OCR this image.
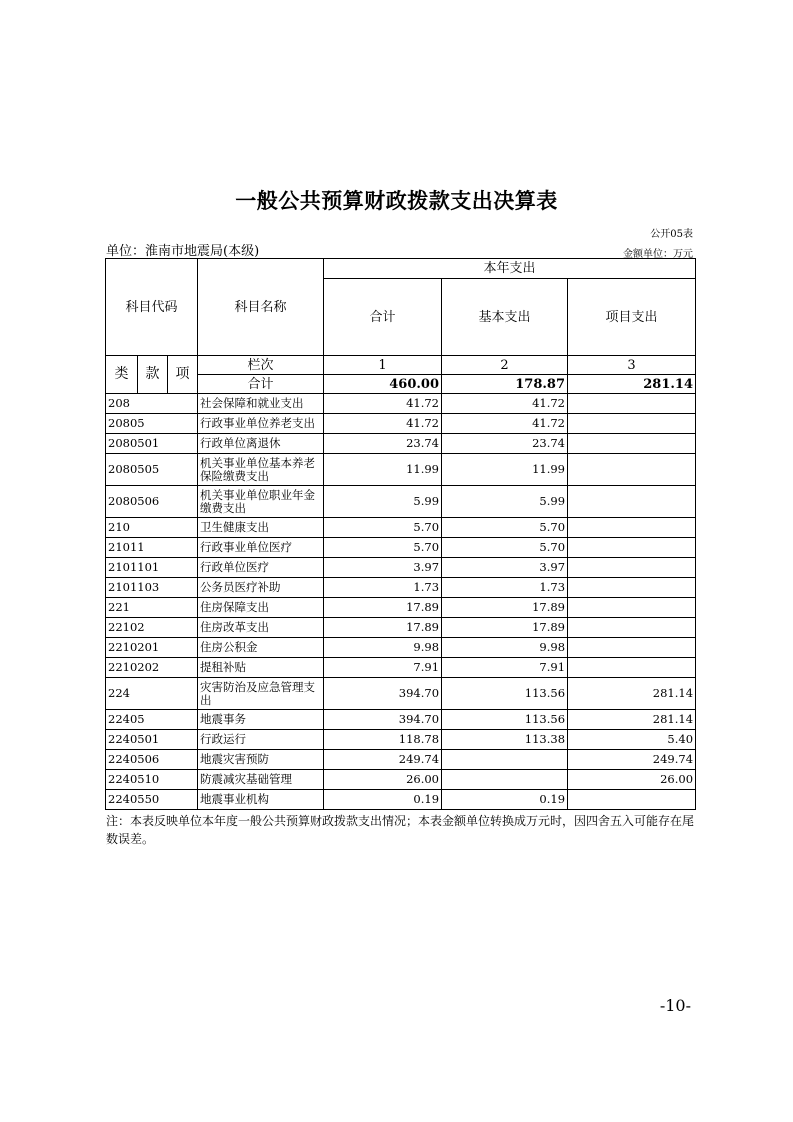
一般公共预算财政拨款支出决算表
公开05表
单位：淮南市地震局(本级)	金额单位：万元
科目代码			科目名称	本年支出		
				合计	基本支出	项目支出
类	款	项	栏次	1	2	3
			合计	460.00	178.87	281.14
208			社会保障和就业支出	41.72	41.72	
20805			行政事业单位养老支出	41.72	41.72	
2080501			行政单位离退休	23.74	23.74	
2080505			机关事业单位基本养老保险缴费支出	11.99	11.99	
2080506			机关事业单位职业年金缴费支出	5.99	5.99	
210			卫生健康支出	5.70	5.70	
21011			行政事业单位医疗	5.70	5.70	
2101101			行政单位医疗	3.97	3.97	
2101103			公务员医疗补助	1.73	1.73	
221			住房保障支出	17.89	17.89	
22102			住房改革支出	17.89	17.89	
2210201			住房公积金	9.98	9.98	
2210202			提租补贴	7.91	7.91	
224			灾害防治及应急管理支出	394.70	113.56	281.14
22405			地震事务	394.70	113.56	281.14
2240501			行政运行	118.78	113.38	5.40
2240506			地震灾害预防	249.74		249.74
2240510			防震减灾基础管理	26.00		26.00
2240550			地震事业机构	0.19	0.19	
注：本表反映单位本年度一般公共预算财政拨款支出情况；本表金额单位转换成万元时，因四舍五入可能存在尾数误差。
-10-
